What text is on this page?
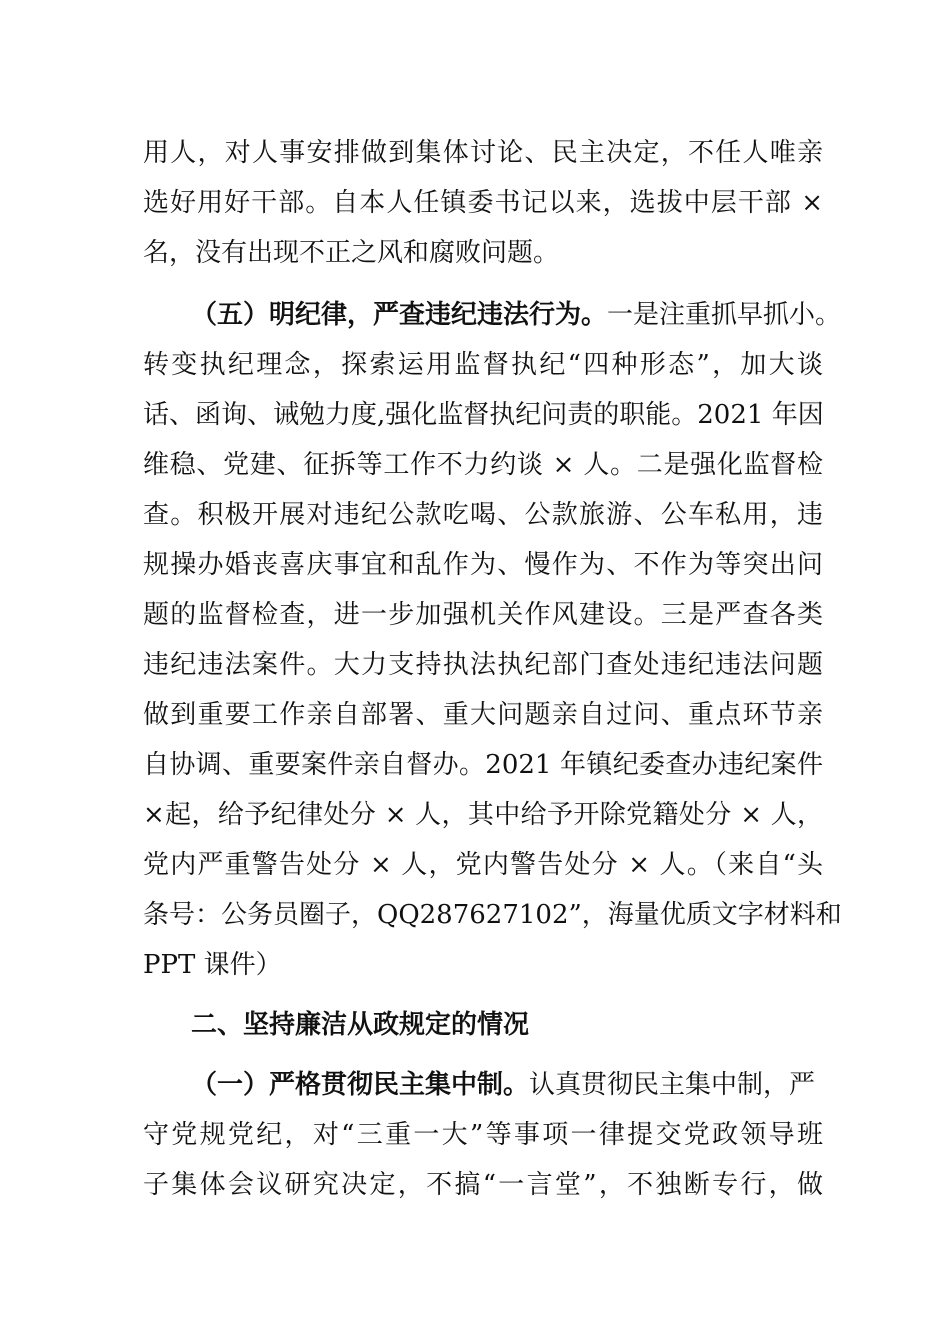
用人，对人事安排做到集体讨论、民主决定，不任人唯亲
选好用好干部。自本人任镇委书记以来，选拔中层干部 ×
名，没有出现不正之风和腐败问题。
（五）明纪律，严查违纪违法行为。一是注重抓早抓小。
转变执纪理念，探索运用监督执纪“四种形态”，加大谈
话、函询、诫勉力度,强化监督执纪问责的职能。2021 年因
维稳、党建、征拆等工作不力约谈 × 人。二是强化监督检
查。积极开展对违纪公款吃喝、公款旅游、公车私用，违
规操办婚丧喜庆事宜和乱作为、慢作为、不作为等突出问
题的监督检查，进一步加强机关作风建设。三是严查各类
违纪违法案件。大力支持执法执纪部门查处违纪违法问题
做到重要工作亲自部署、重大问题亲自过问、重点环节亲
自协调、重要案件亲自督办。2021 年镇纪委查办违纪案件
×起，给予纪律处分 × 人，其中给予开除党籍处分 × 人，
党内严重警告处分 × 人，党内警告处分 × 人。（来自“头
条号：公务员圈子，QQ287627102”，海量优质文字材料和
PPT 课件）
二、坚持廉洁从政规定的情况
（一）严格贯彻民主集中制。认真贯彻民主集中制，严
守党规党纪，对“三重一大”等事项一律提交党政领导班
子集体会议研究决定，不搞“一言堂”，不独断专行，做
